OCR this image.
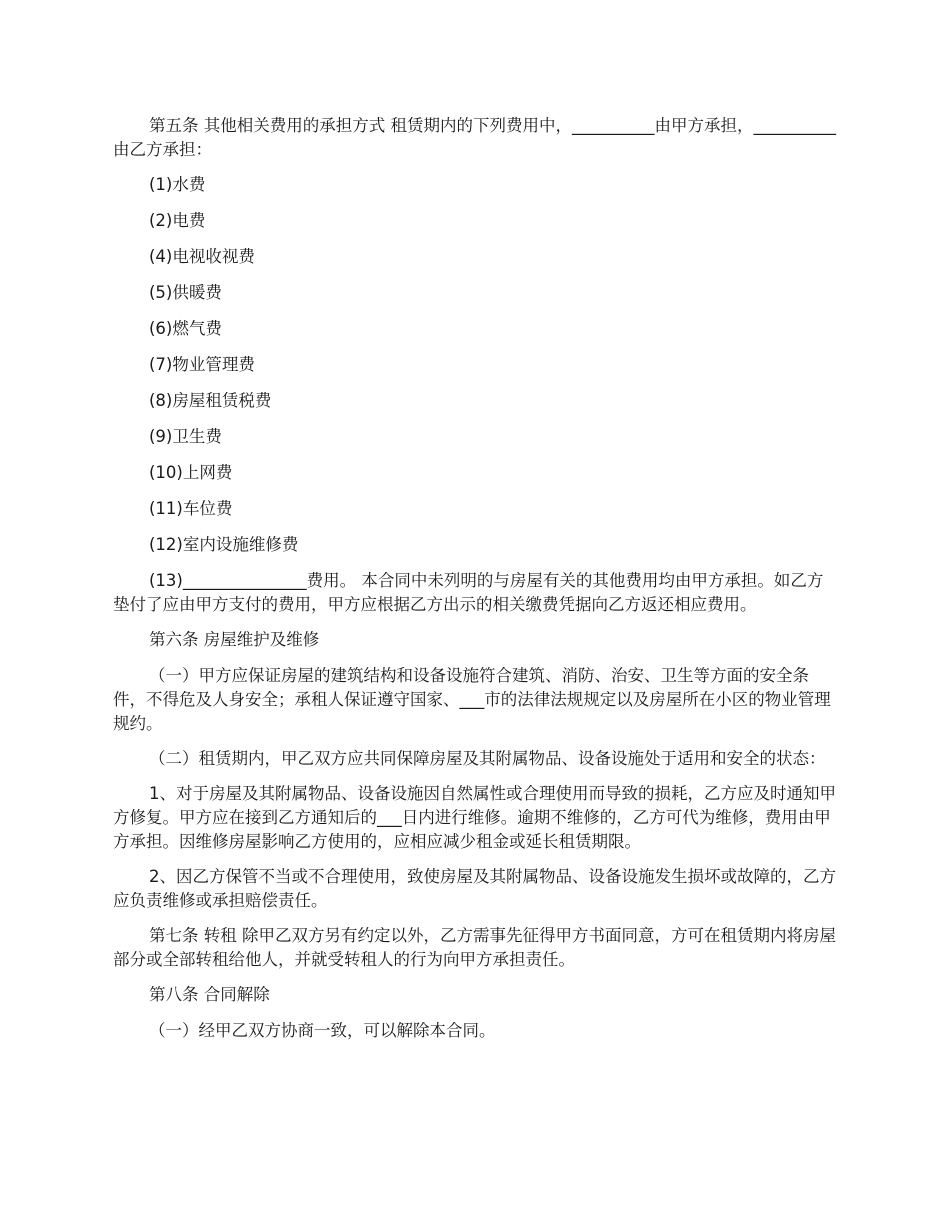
第五条 其他相关费用的承担方式 租赁期内的下列费用中，__________由甲方承担，__________由乙方承担：

(1)水费

(2)电费

(4)电视收视费

(5)供暖费

(6)燃气费

(7)物业管理费

(8)房屋租赁税费

(9)卫生费

(10)上网费

(11)车位费

(12)室内设施维修费

(13)_______________费用。 本合同中未列明的与房屋有关的其他费用均由甲方承担。如乙方垫付了应由甲方支付的费用，甲方应根据乙方出示的相关缴费凭据向乙方返还相应费用。

第六条 房屋维护及维修

（一）甲方应保证房屋的建筑结构和设备设施符合建筑、消防、治安、卫生等方面的安全条件，不得危及人身安全；承租人保证遵守国家、___市的法律法规规定以及房屋所在小区的物业管理规约。

（二）租赁期内，甲乙双方应共同保障房屋及其附属物品、设备设施处于适用和安全的状态：

1、对于房屋及其附属物品、设备设施因自然属性或合理使用而导致的损耗，乙方应及时通知甲方修复。甲方应在接到乙方通知后的___日内进行维修。逾期不维修的，乙方可代为维修，费用由甲方承担。因维修房屋影响乙方使用的，应相应减少租金或延长租赁期限。

2、因乙方保管不当或不合理使用，致使房屋及其附属物品、设备设施发生损坏或故障的，乙方应负责维修或承担赔偿责任。

第七条 转租 除甲乙双方另有约定以外，乙方需事先征得甲方书面同意，方可在租赁期内将房屋部分或全部转租给他人，并就受转租人的行为向甲方承担责任。

第八条 合同解除

（一）经甲乙双方协商一致，可以解除本合同。
